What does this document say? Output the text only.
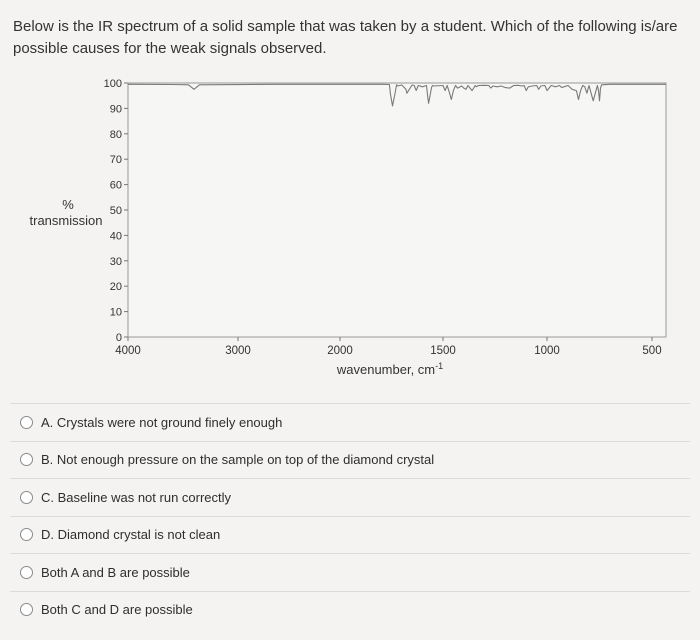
Below is the IR spectrum of a solid sample that was taken by a student. Which of the following is/are possible causes for the weak signals observed.
0
10
20
30
40
50
60
70
80
90
100
4000	3000	2000	1500	1000	500
%
transmission
wavenumber, $cm^{-1}$
A. Crystals were not ground finely enough
B. Not enough pressure on the sample on top of the diamond crystal
C. Baseline was not run correctly
D. Diamond crystal is not clean
Both A and B are possible
Both C and D are possible
